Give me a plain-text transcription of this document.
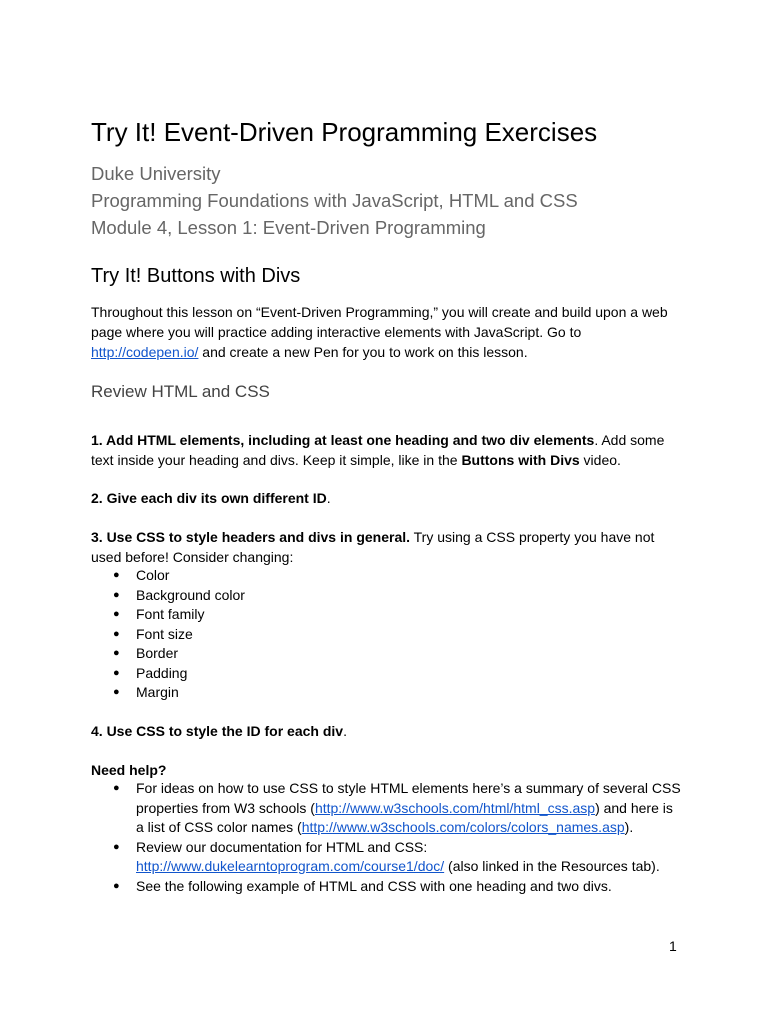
Try It! Event-Driven Programming Exercises

Duke University

Programming Foundations with JavaScript, HTML and CSS

Module 4, Lesson 1: Event-Driven Programming

Try It! Buttons with Divs

Throughout this lesson on “Event-Driven Programming,” you will create and build upon a web page where you will practice adding interactive elements with JavaScript. Go to http://codepen.io/ and create a new Pen for you to work on this lesson.

Review HTML and CSS

1. Add HTML elements, including at least one heading and two div elements. Add some text inside your heading and divs. Keep it simple, like in the Buttons with Divs video.

2. Give each div its own different ID.

3. Use CSS to style headers and divs in general. Try using a CSS property you have not used before! Consider changing:

● Color
● Background color
● Font family
● Font size
● Border
● Padding
● Margin

4. Use CSS to style the ID for each div.

Need help?

● For ideas on how to use CSS to style HTML elements here’s a summary of several CSS properties from W3 schools (http://www.w3schools.com/html/html_css.asp) and here is a list of CSS color names (http://www.w3schools.com/colors/colors_names.asp).
● Review our documentation for HTML and CSS: http://www.dukelearntoprogram.com/course1/doc/ (also linked in the Resources tab).
● See the following example of HTML and CSS with one heading and two divs.
1
